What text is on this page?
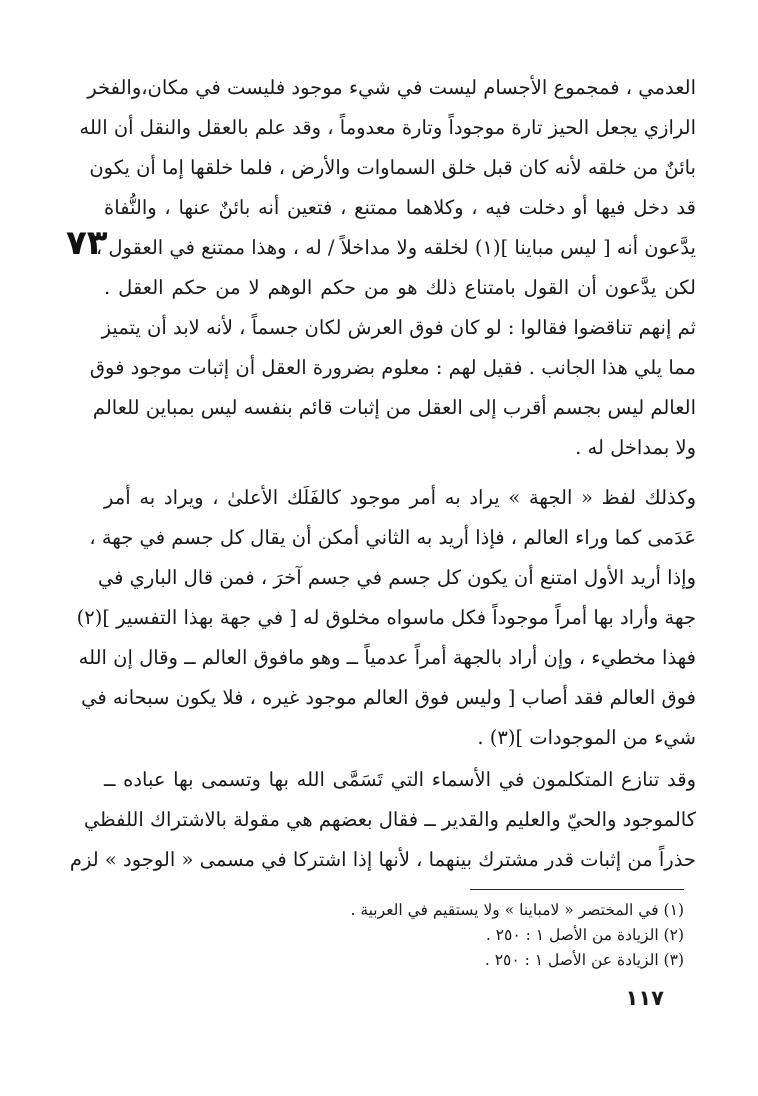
٧٣
العدمي ، فمجموع الأجسام ليست في شيء موجود فليست في مكان،والفخر
الرازي يجعل الحيز تارة موجوداً وتارة معدوماً ، وقد علم بالعقل والنقل أن الله
بائنٌ من خلقه لأنه كان قبل خلق السماوات والأرض ، فلما خلقها إما أن يكون
قد دخل فيها أو دخلت فيه ، وكلاهما ممتنع ، فتعين أنه بائنٌ عنها ، والنُّفاة
يدَّعون أنه [ ليس مباينا ](١) لخلقه ولا مداخلاً / له ، وهذا ممتنع في العقول ،
لكن يدَّعون أن القول بامتناع ذلك هو من حكم الوهم لا من حكم العقل .
ثم إنهم تناقضوا فقالوا : لو كان فوق العرش لكان جسماً ، لأنه لابد أن يتميز
مما يلي هذا الجانب . فقيل لهم : معلوم بضرورة العقل أن إثبات موجود فوق
العالم ليس بجسم أقرب إلى العقل من إثبات قائم بنفسه ليس بمباين للعالم
ولا بمداخل له .
وكذلك لفظ « الجهة » يراد به أمر موجود كالفَلَك الأعلىٰ ، ويراد به أمر
عَدَمى كما وراء العالم ، فإذا أريد به الثاني أمكن أن يقال كل جسم في جهة ،
وإذا أريد الأول امتنع أن يكون كل جسم في جسم آخرَ ، فمن قال الباري في
جهة وأراد بها أمراً موجوداً فكل ماسواه مخلوق له [ في جهة بهذا التفسير ](٢)
فهذا مخطيء ، وإن أراد بالجهة أمراً عدمياً ــ وهو مافوق العالم ــ وقال إن الله
فوق العالم فقد أصاب [ وليس فوق العالم موجود غيره ، فلا يكون سبحانه في
شيء من الموجودات ](٣) .
وقد تنازع المتكلمون في الأسماء التي تَسَمَّى الله بها وتسمى بها عباده ــ
كالموجود والحيّ والعليم والقدير ــ فقال بعضهم هي مقولة بالاشتراك اللفظي
حذراً من إثبات قدر مشترك بينهما ، لأنها إذا اشتركا في مسمى « الوجود » لزم
(١) في المختصر « لامباينا » ولا يستقيم في العربية .
(٢) الزيادة من الأصل ١ : ٢٥٠ .
(٣) الزيادة عن الأصل ١ : ٢٥٠ .
١١٧
